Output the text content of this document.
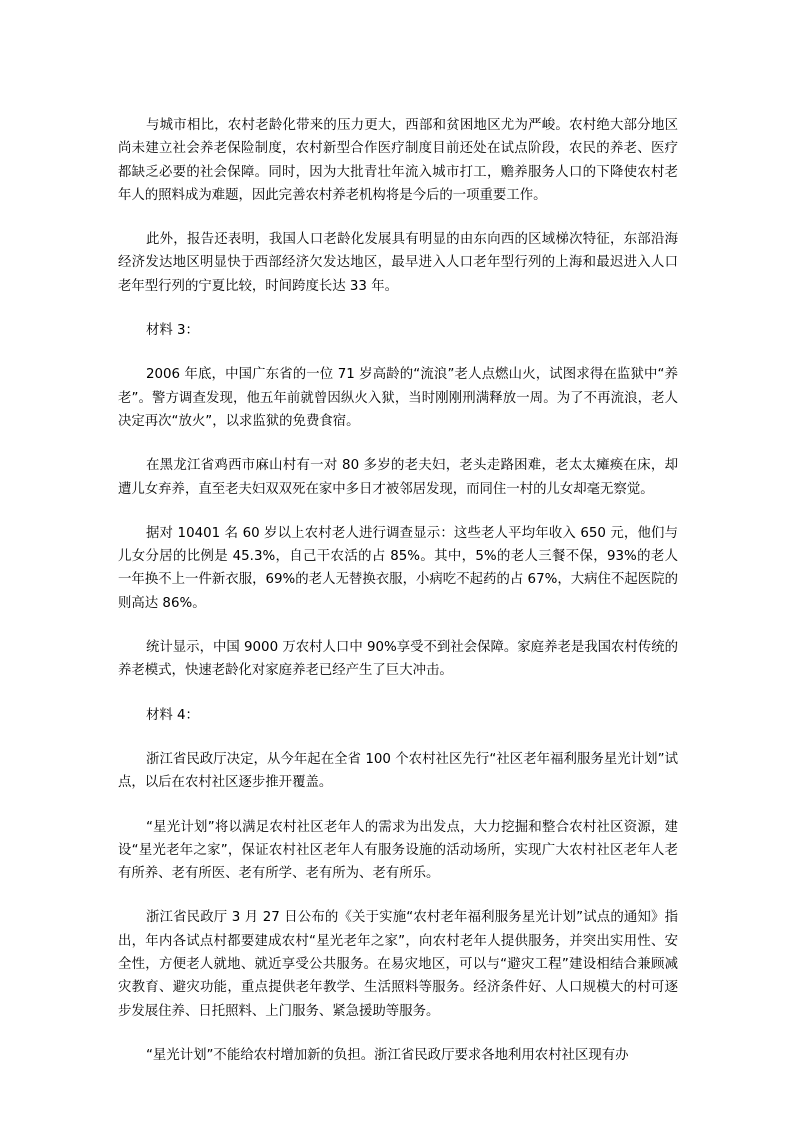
与城市相比，农村老龄化带来的压力更大，西部和贫困地区尤为严峻。农村绝大部分地区尚未建立社会养老保险制度，农村新型合作医疗制度目前还处在试点阶段，农民的养老、医疗都缺乏必要的社会保障。同时，因为大批青壮年流入城市打工，赡养服务人口的下降使农村老年人的照料成为难题，因此完善农村养老机构将是今后的一项重要工作。

此外，报告还表明，我国人口老龄化发展具有明显的由东向西的区域梯次特征，东部沿海经济发达地区明显快于西部经济欠发达地区，最早进入人口老年型行列的上海和最迟进入人口老年型行列的宁夏比较，时间跨度长达 33 年。

材料 3：

2006 年底，中国广东省的一位 71 岁高龄的“流浪”老人点燃山火，试图求得在监狱中“养老”。警方调查发现，他五年前就曾因纵火入狱，当时刚刚刑满释放一周。为了不再流浪，老人决定再次“放火”，以求监狱的免费食宿。

在黑龙江省鸡西市麻山村有一对 80 多岁的老夫妇，老头走路困难，老太太瘫痪在床，却遭儿女弃养，直至老夫妇双双死在家中多日才被邻居发现，而同住一村的儿女却毫无察觉。

据对 10401 名 60 岁以上农村老人进行调查显示：这些老人平均年收入 650 元，他们与儿女分居的比例是 45.3%，自己干农活的占 85%。其中，5%的老人三餐不保，93%的老人一年换不上一件新衣服，69%的老人无替换衣服，小病吃不起药的占 67%，大病住不起医院的则高达 86%。

统计显示，中国 9000 万农村人口中 90%享受不到社会保障。家庭养老是我国农村传统的养老模式，快速老龄化对家庭养老已经产生了巨大冲击。

材料 4：

浙江省民政厅决定，从今年起在全省 100 个农村社区先行“社区老年福利服务星光计划”试点，以后在农村社区逐步推开覆盖。

“星光计划”将以满足农村社区老年人的需求为出发点，大力挖掘和整合农村社区资源，建设“星光老年之家”，保证农村社区老年人有服务设施的活动场所，实现广大农村社区老年人老有所养、老有所医、老有所学、老有所为、老有所乐。

浙江省民政厅 3 月 27 日公布的《关于实施“农村老年福利服务星光计划”试点的通知》指出，年内各试点村都要建成农村“星光老年之家”，向农村老年人提供服务，并突出实用性、安全性，方便老人就地、就近享受公共服务。在易灾地区，可以与“避灾工程”建设相结合兼顾减灾教育、避灾功能，重点提供老年教学、生活照料等服务。经济条件好、人口规模大的村可逐步发展住养、日托照料、上门服务、紧急援助等服务。

“星光计划”不能给农村增加新的负担。浙江省民政厅要求各地利用农村社区现有办
